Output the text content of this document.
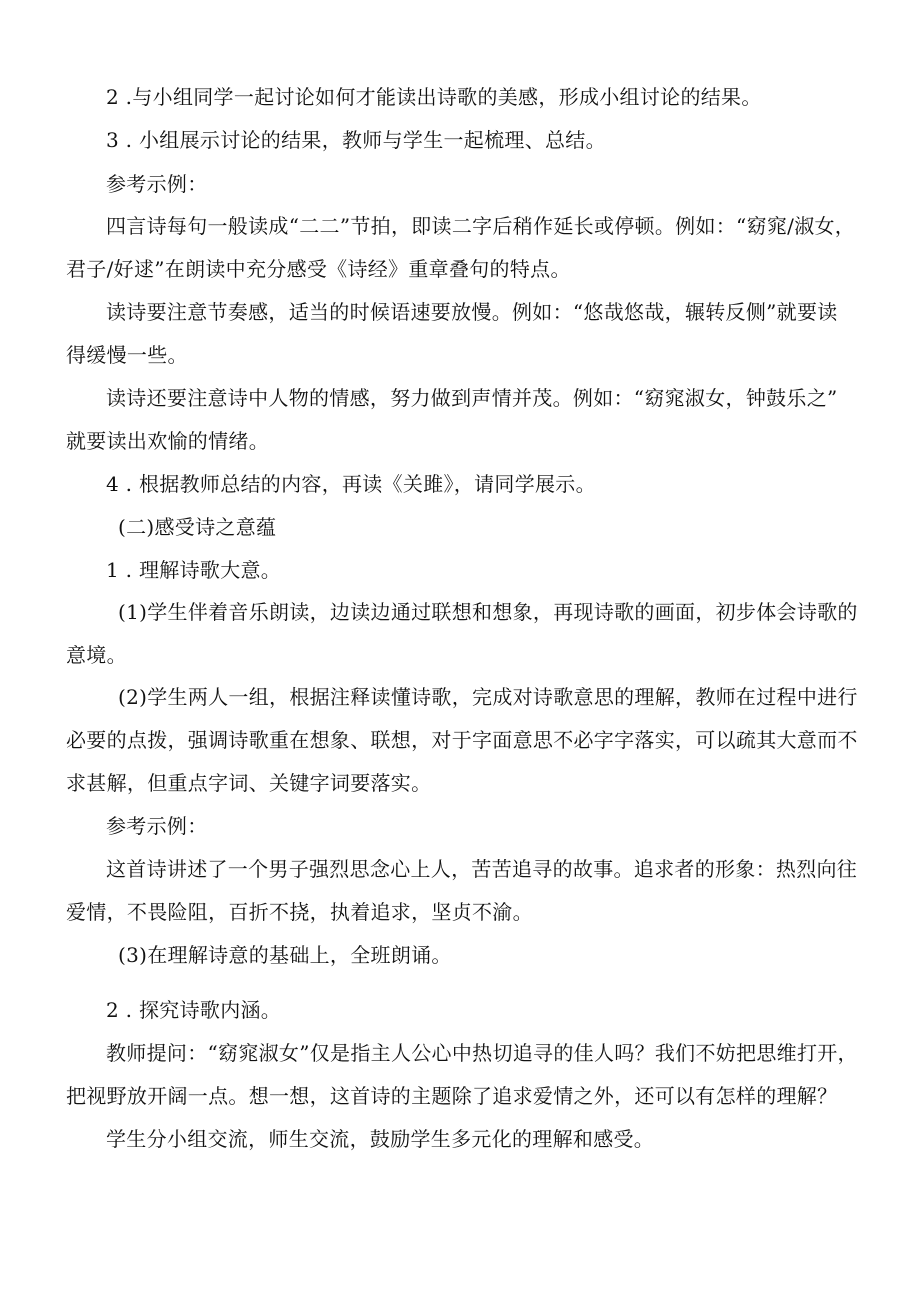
2 .与小组同学一起讨论如何才能读出诗歌的美感，形成小组讨论的结果。
3 . 小组展示讨论的结果，教师与学生一起梳理、总结。
参考示例：
四言诗每句一般读成“二二”节拍，即读二字后稍作延长或停顿。例如：“窈窕/淑女，
君子/好逑”在朗读中充分感受《诗经》重章叠句的特点。
读诗要注意节奏感，适当的时候语速要放慢。例如：“悠哉悠哉，辗转反侧”就要读
得缓慢一些。
读诗还要注意诗中人物的情感，努力做到声情并茂。例如：“窈窕淑女，钟鼓乐之”
就要读出欢愉的情绪。
4 . 根据教师总结的内容，再读《关雎》，请同学展示。
(二)感受诗之意蕴
1 . 理解诗歌大意。
(1)学生伴着音乐朗读，边读边通过联想和想象，再现诗歌的画面，初步体会诗歌的
意境。
(2)学生两人一组，根据注释读懂诗歌，完成对诗歌意思的理解，教师在过程中进行
必要的点拨，强调诗歌重在想象、联想，对于字面意思不必字字落实，可以疏其大意而不
求甚解，但重点字词、关键字词要落实。
参考示例：
这首诗讲述了一个男子强烈思念心上人，苦苦追寻的故事。追求者的形象：热烈向往
爱情，不畏险阻，百折不挠，执着追求，坚贞不渝。
(3)在理解诗意的基础上，全班朗诵。
2 . 探究诗歌内涵。
教师提问：“窈窕淑女”仅是指主人公心中热切追寻的佳人吗？我们不妨把思维打开，
把视野放开阔一点。想一想，这首诗的主题除了追求爱情之外，还可以有怎样的理解？
学生分小组交流，师生交流，鼓励学生多元化的理解和感受。
